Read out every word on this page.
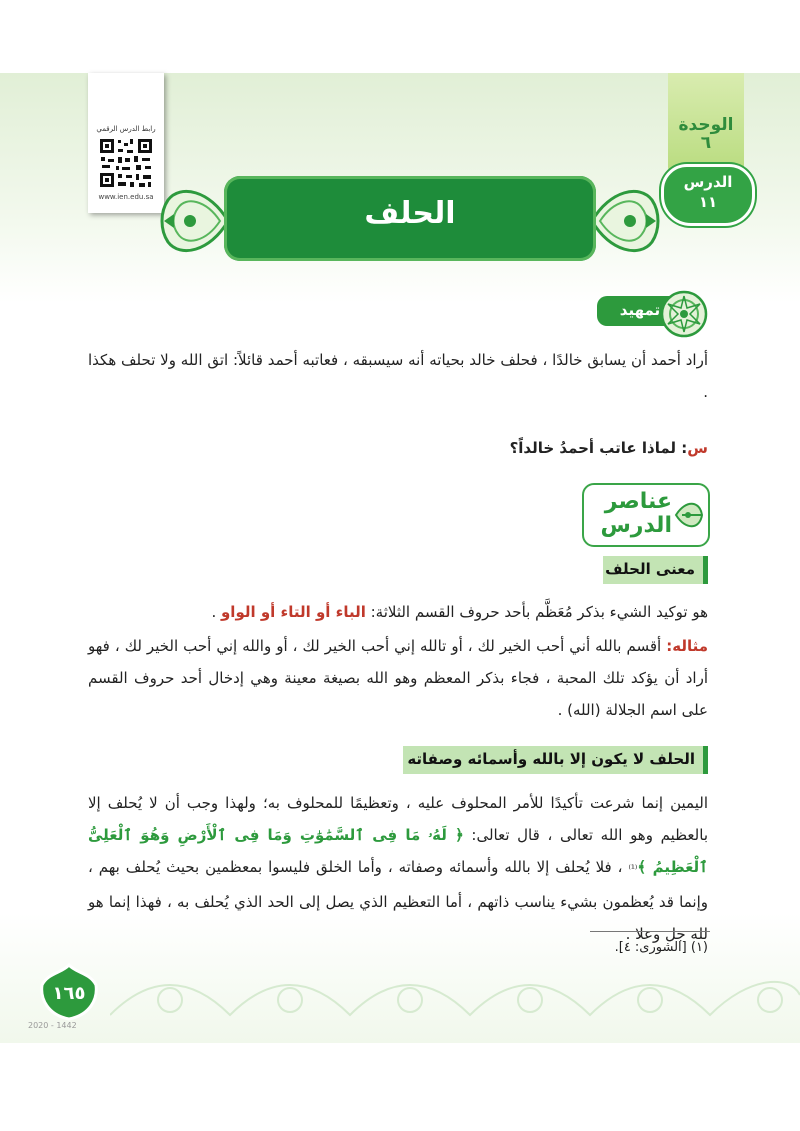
رابط الدرس الرقمي
www.ien.edu.sa
الوحدة
٦
الدرس
١١
الحلف
تمهيد
أراد أحمد أن يسابق خالدًا ، فحلف خالد بحياته أنه سيسبقه ، فعاتبه أحمد قائلاً: اتق الله ولا تحلف هكذا .
س: لماذا عاتب أحمدُ خالداً؟
عناصر
الدرس
معنى الحلف
هو توكيد الشيء بذكر مُعَظَّم بأحد حروف القسم الثلاثة: الباء أو التاء أو الواو .
مثاله: أقسم بالله أني أحب الخير لك ، أو تالله إني أحب الخير لك ، أو والله إني أحب الخير لك ، فهو أراد أن يؤكد تلك المحبة ، فجاء بذكر المعظم وهو الله بصيغة معينة وهي إدخال أحد حروف القسم على اسم الجلالة (الله) .
الحلف لا يكون إلا بالله وأسمائه وصفاته
اليمين إنما شرعت تأكيدًا للأمر المحلوف عليه ، وتعظيمًا للمحلوف به؛ ولهذا وجب أن لا يُحلف إلا بالعظيم وهو الله تعالى ، قال تعالى: ﴿ لَهُۥ مَا فِى ٱلسَّمَٰوَٰتِ وَمَا فِى ٱلْأَرْضِ وَهُوَ ٱلْعَلِىُّ ٱلْعَظِيمُ ﴾⁽¹⁾ ، فلا يُحلف إلا بالله وأسمائه وصفاته ، وأما الخلق فليسوا بمعظمين بحيث يُحلف بهم ، وإنما قد يُعظمون بشيء يناسب ذاتهم ، أما التعظيم الذي يصل إلى الحد الذي يُحلف به ، فهذا إنما هو لله جل وعلا .
(١) [الشورى: ٤].
١٦٥
2020 - 1442
